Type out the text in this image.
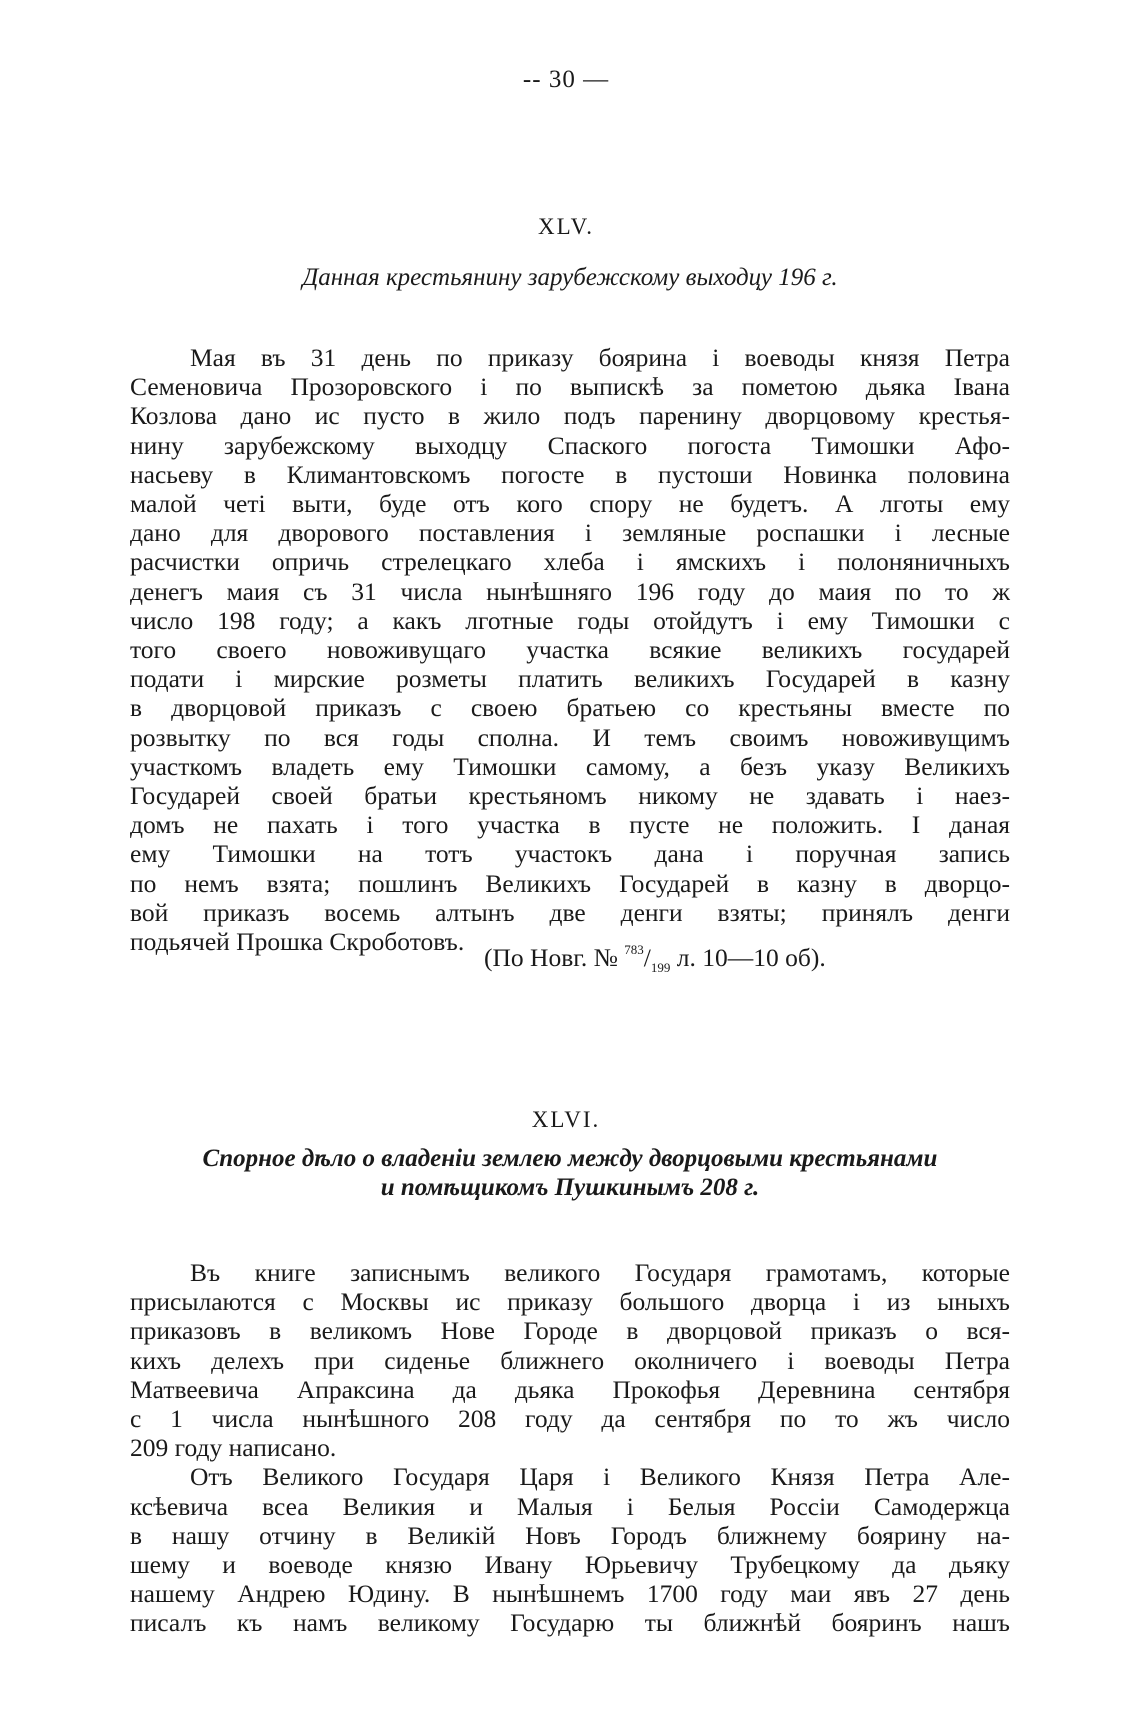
-- 30 —
XLV.
Данная крестьянину зарубежскому выходцу 196 г.
Мая въ 31 день по приказу боярина і воеводы князя Петра
Семеновича Прозоровского і по выпискѣ за пометою дьяка Івана
Козлова дано ис пусто в жило подъ паренину дворцовому крестья-
нину зарубежскому выходцу Спаского погоста Тимошки Афо-
насьеву в Климантовскомъ погосте в пустоши Новинка половина
малой четі выти, буде отъ кого спору не будетъ. А лготы ему
дано для дворового поставления і земляные роспашки і лесные
расчистки опричь стрелецкаго хлеба і ямскихъ і полоняничныхъ
денегъ маия съ 31 числа нынѣшняго 196 году до маия по то ж
число 198 году; а какъ лготные годы отойдутъ і ему Тимошки с
того своего новоживущаго участка всякие великихъ государей
подати і мирские розметы платить великихъ Государей в казну
в дворцовой приказъ с своею братьею со крестьяны вместе по
розвытку по вся годы сполна. И темъ своимъ новоживущимъ
участкомъ владеть ему Тимошки самому, а безъ указу Великихъ
Государей своей братьи крестьяномъ никому не здавать і наез-
домъ не пахать і того участка в пусте не положить. І даная
ему Тимошки на тотъ участокъ дана і поручная запись
по немъ взята; пошлинъ Великихъ Государей в казну в дворцо-
вой приказъ восемь алтынъ две денги взяты; принялъ денги
подьячей Прошка Скроботовъ.
(По Новг. № $^{783}/_{199}$ л. 10—10 об).
XLVI.
Спорное дѣло о владенiи землею между дворцовыми крестьянами
и помѣщикомъ Пушкинымъ 208 г.
Въ книге записнымъ великого Государя грамотамъ, которые
присылаются с Москвы ис приказу большого дворца і из ыныхъ
приказовъ в великомъ Нове Городе в дворцовой приказъ о вся-
кихъ делехъ при сиденье ближнего околничего і воеводы Петра
Матвеевича Апраксина да дьяка Прокофья Деревнина сентября
с 1 числа нынѣшного 208 году да сентября по то жъ число
209 году написано.
Отъ Великого Государя Царя і Великого Князя Петра Але-
ксѣевича всеа Великия и Малыя і Белыя Россіи Самодержца
в нашу отчину в Великій Новъ Городъ ближнему боярину на-
шему и воеводе князю Ивану Юрьевичу Трубецкому да дьяку
нашему Андрею Юдину. В нынѣшнемъ 1700 году маи явъ 27 день
писалъ къ намъ великому Государю ты ближнѣй бояринъ нашъ
